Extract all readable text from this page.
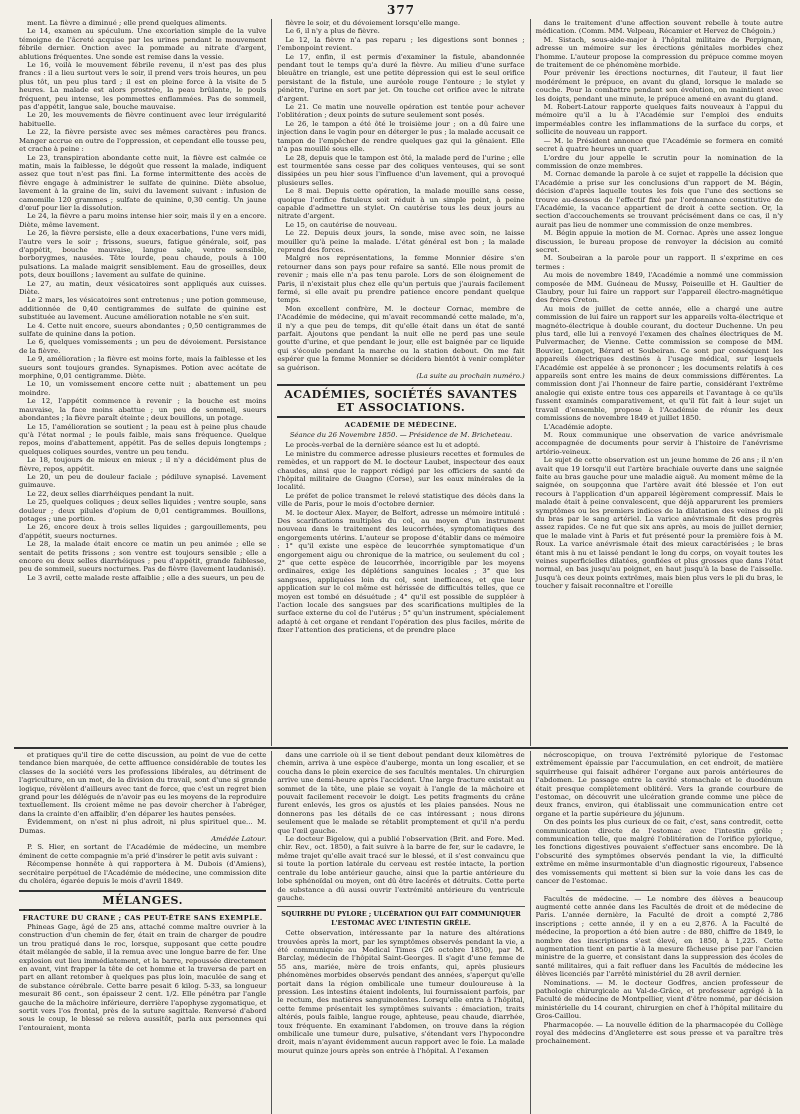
377

ment. La fièvre a diminué ; elle prend quelques aliments.

Le 14, examen au spéculum. Une excoriation simple de la vulve témoigne de l'âcreté acquise par les urines pendant le mouvement fébrile dernier. Onction avec la pommade au nitrate d'argent, ablutions fréquentes. Une sonde est remise dans la vessie.

Le 16, voilà le mouvement fébrile revenu, il n'est pas des plus francs : il a lieu surtout vers le soir, il prend vers trois heures, un peu plus tôt, un peu plus tard ; il est en pleine force à la visite de 5 heures. La malade est alors prostrée, la peau brûlante, le pouls fréquent, peu intense, les pommettes enflammées. Pas de sommeil, pas d'appétit, langue sale, bouche mauvaise.

Le 20, les mouvements de fièvre continuent avec leur irrégularité habituelle.

Le 22, la fièvre persiste avec ses mêmes caractères peu francs. Manger accrue en outre de l'oppression, et cependant elle tousse peu, et crache à peine :

Le 23, transpiration abondante cette nuit, la fièvre est calmée ce matin, mais la faiblesse, le dégoût que ressent la malade, indiquent assez que tout n'est pas fini. La forme intermittente des accès de fièvre engage à administrer le sulfate de quinine. Diète absolue, lavement à la graine de lin, suivi du lavement suivant : infusion de camomille 120 grammes ; sulfate de quinine, 0,30 centig. Un jaune d'œuf pour lier la dissolution.

Le 24, la fièvre a paru moins intense hier soir, mais il y en a encore. Diète, même lavement.

Le 26, la fièvre persiste, elle a deux exacerbations, l'une vers midi, l'autre vers le soir ; frissons, sueurs, fatigue générale, soif, pas d'appétit, bouche mauvaise, langue sale, ventre sensible, borborygmes, nausées. Tête lourde, peau chaude, pouls à 100 pulsations. La malade maigrit sensiblement. Eau de groseilles, deux pots, deux bouillons ; lavement au sulfate de quinine.

Le 27, au matin, deux vésicatoires sont appliqués aux cuisses. Diète.

Le 2 mars, les vésicatoires sont entretenus ; une potion gommeuse, additionnée de 0,40 centigrammes de sulfate de quinine est substituée au lavement. Aucune amélioration notable ne s'en suit.

Le 4. Cette nuit encore, sueurs abondantes ; 0,50 centigrammes de sulfate de quinine dans la potion.

Le 6, quelques vomissements ; un peu de dévoiement. Persistance de la fièvre.

Le 9, amélioration ; la fièvre est moins forte, mais la faiblesse et les sueurs sont toujours grandes. Synapismes. Potion avec acétate de morphine, 0,01 centigramme. Diète.

Le 10, un vomissement encore cette nuit ; abattement un peu moindre.

Le 12, l'appétit commence à revenir ; la bouche est moins mauvaise, la face moins abattue ; un peu de sommeil, sueurs abondantes ; la fièvre paraît éteinte ; deux bouillons, un potage.

Le 15, l'amélioration se soutient ; la peau est à peine plus chaude qu'à l'état normal ; le pouls faible, mais sans fréquence. Quelque repos, moins d'abattement, appétit. Pas de selles depuis longtemps ; quelques coliques sourdes, ventre un peu tendu.

Le 18, toujours de mieux en mieux ; il n'y a décidément plus de fièvre, repos, appétit.

Le 20, un peu de douleur faciale ; pédiluve synapisé. Lavement guimauve.

Le 22, deux selles diarrhéiques pendant la nuit.

Le 25, quelques coliques ; deux selles liquides ; ventre souple, sans douleur ; deux pilules d'opium de 0,01 centigrammes. Bouillons, potages ; une portion.

Le 26, encore deux à trois selles liquides ; gargouillements, peu d'appétit, sueurs nocturnes.

Le 28, la malade était encore ce matin un peu animée ; elle se sentait de petits frissons ; son ventre est toujours sensible ; elle a encore eu deux selles diarrhéiques ; peu d'appétit, grande faiblesse, peu de sommeil, sueurs nocturnes. Pas de fièvre (lavement laudanisé).

Le 3 avril, cette malade reste affaiblie ; elle a des sueurs, un peu de

fièvre le soir, et du dévoiement lorsqu'elle mange.

Le 6, il n'y a plus de fièvre.

Le 12, la fièvre n'a pas reparu ; les digestions sont bonnes ; l'embonpoint revient.

Le 17, enfin, il est permis d'examiner la fistule, abandonnée pendant tout le temps qu'a duré la fièvre. Au milieu d'une surface bleuâtre en triangle, est une petite dépression qui est le seul orifice persistant de la fistule, une auréole rouge l'entoure ; le stylet y pénètre, l'urine en sort par jet. On touche cet orifice avec le nitrate d'argent.

Le 21. Ce matin une nouvelle opération est tentée pour achever l'oblitération ; deux points de suture seulement sont posés.

Le 26, le tampon a été ôté le troisième jour ; on a dû faire une injection dans le vagin pour en déterger le pus ; la malade accusait ce tampon de l'empêcher de rendre quelques gaz qui la gênaient. Elle n'a pas mouillé sous elle.

Le 28, depuis que le tampon est ôté, la malade perd de l'urine ; elle est tourmentée sans cesse par des coliques venteuses, qui se sont dissipées un peu hier sous l'influence d'un lavement, qui a provoqué plusieurs selles.

Le 8 mai. Depuis cette opération, la malade mouille sans cesse, quoique l'orifice fistuleux soit réduit à un simple point, à peine capable d'admettre un stylet. On cautérise tous les deux jours au nitrate d'argent.

Le 15, on cautérise de nouveau.

Le 22. Depuis deux jours, la sonde, mise avec soin, ne laisse mouiller qu'à peine la malade. L'état général est bon ; la malade reprend des forces.

Malgré nos représentations, la femme Monnier désire s'en retourner dans son pays pour refaire sa santé. Elle nous promit de revenir ; mais elle n'a pas tenu parole. Lors de son éloignement de Paris, il n'existait plus chez elle qu'un pertuis que j'aurais facilement fermé, si elle avait pu prendre patience encore pendant quelque temps.

Mon excellent confrère, M. le docteur Cornac, membre de l'Académie de médecine, qui m'avait recommandé cette malade, m'a, il n'y a que peu de temps, dit qu'elle était dans un état de santé parfait. Ajoutons que pendant la nuit elle ne perd pas une seule goutte d'urine, et que pendant le jour, elle est baignée par ce liquide qui s'écoule pendant la marche ou la station debout. On me fait espérer que la femme Monnier se décidera bientôt à venir compléter sa guérison.

(La suite au prochain numéro.)
ACADÉMIES, SOCIÉTÉS SAVANTES ET ASSOCIATIONS.
ACADÉMIE DE MÉDECINE.
Séance du 26 Novembre 1850. — Présidence de M. Bricheteau.

Le procès-verbal de la dernière séance est lu et adopté.

Le ministre du commerce adresse plusieurs recettes et formules de remèdes, et un rapport de M. le docteur Laubet, inspecteur des eaux chaudes, ainsi que le rapport rédigé par les officiers de santé de l'hôpital militaire de Guagno (Corse), sur les eaux minérales de la localité.

Le préfet de police transmet le relevé statistique des décès dans la ville de Paris, pour le mois d'octobre dernier.

M. le docteur Alex. Mayer, de Belfort, adresse un mémoire intitulé : Des scarifications multiples du col, au moyen d'un instrument nouveau dans le traitement des leucorrhées, symptomatiques des engorgements utérins. L'auteur se propose d'établir dans ce mémoire : 1° qu'il existe une espèce de leucorrhée symptomatique d'un engorgement aigu ou chronique de la matrice, ou seulement du col ; 2° que cette espèce de leucorrhée, incorrigible par les moyens ordinaires, exige les déplétions sanguines locales ; 3° que les sangsues, appliquées loin du col, sont inefficaces, et que leur application sur le col même est hérissée de difficultés telles, que ce moyen est tombé en désuétude ; 4° qu'il est possible de suppléer à l'action locale des sangsues par des scarifications multiples de la surface externe du col de l'utérus ; 5° qu'un instrument, spécialement adapté à cet organe et rendant l'opération des plus faciles, mérite de fixer l'attention des praticiens, et de prendre place

dans le traitement d'une affection souvent rebelle à toute autre médication. (Comm. MM. Velpeau, Récamier et Hervez de Chégoin.)

M. Sistach, sous-aide-major à l'hôpital militaire de Perpignan, adresse un mémoire sur les érections génitales morbides chez l'homme. L'auteur propose la compression du prépuce comme moyen de traitement de ce phénomène morbide.

Pour prévenir les érections nocturnes, dit l'auteur, il faut lier modérément le prépuce, en avant du gland, lorsque le malade se couche. Pour la combattre pendant son évolution, on maintient avec les doigts, pendant une minute, le prépuce amené en avant du gland.

M. Robert-Latour rapporte quelques faits nouveaux à l'appui du mémoire qu'il a lu à l'Académie sur l'emploi des enduits imperméables contre les inflammations de la surface du corps, et sollicite de nouveau un rapport.

— M. le Président annonce que l'Académie se formera en comité secret à quatre heures un quart.

L'ordre du jour appelle le scrutin pour la nomination de la commission de onze membres.

M. Cornac demande la parole à ce sujet et rappelle la décision que l'Académie a prise sur les conclusions d'un rapport de M. Bégin, décision d'après laquelle toutes les fois que l'une des sections se trouve au-dessous de l'effectif fixé par l'ordonnance constitutive de l'Académie, la vacance appartient de droit à cette section. Or, la section d'accouchements se trouvant précisément dans ce cas, il n'y aurait pas lieu de nommer une commission de onze membres.

M. Bégin appuie la motion de M. Cornac. Après une assez longue discussion, le bureau propose de renvoyer la décision au comité secret.

M. Soubeiran a la parole pour un rapport. Il s'exprime en ces termes :

Au mois de novembre 1849, l'Académie a nommé une commission composée de MM. Guéneau de Mussy, Poiseuille et H. Gaultier de Claubry, pour lui faire un rapport sur l'appareil électro-magnétique des frères Creton.

Au mois de juillet de cette année, elle a chargé une autre commission de lui faire un rapport sur les appareils volta-électrique et magnéto-électrique à double courant, du docteur Duchenne. Un peu plus tard, elle lui a renvoyé l'examen des chaînes électriques de M. Pulvermacher, de Vienne. Cette commission se compose de MM. Bouvier, Longet, Bérard et Soubeiran. Ce sont par conséquent les appareils électriques destinés à l'usage médical, sur lesquels l'Académie est appelée à se prononcer ; les documents relatifs à ces appareils sont entre les mains de deux commissions différentes. La commission dont j'ai l'honneur de faire partie, considérant l'extrême analogie qui existe entre tous ces appareils et l'avantage à ce qu'ils fussent examinés comparativement, et qu'il fût fait à leur sujet un travail d'ensemble, propose à l'Académie de réunir les deux commissions de novembre 1849 et juillet 1850.

L'Académie adopte.

M. Roux communique une observation de varice anévrismale accompagnée de documents pour servir à l'histoire de l'anévrisme artério-veineux.

Le sujet de cette observation est un jeune homme de 26 ans ; il n'en avait que 19 lorsqu'il eut l'artère brachiale ouverte dans une saignée faite au bras gauche pour une maladie aiguë. Au moment même de la saignée, on soupçonna que l'artère avait été blessée et l'on eut recours à l'application d'un appareil légèrement compressif. Mais le malade était à peine convalescent, que déjà apparurent les premiers symptômes ou les premiers indices de la dilatation des veines du pli du bras par le sang artériel. La varice anévrismale fit des progrès assez rapides. Ce ne fut que six ans après, au mois de juillet dernier, que le malade vint à Paris et fut présenté pour la première fois à M. Roux. La varice anévrismale était des mieux caractérisées ; le bras étant mis à nu et laissé pendant le long du corps, on voyait toutes les veines superficielles dilatées, gonflées et plus grosses que dans l'état normal, en bas jusqu'au poignet, en haut jusqu'à la base de l'aisselle. Jusqu'à ces deux points extrêmes, mais bien plus vers le pli du bras, le toucher y faisait reconnaître et l'oreille

et pratiques qu'il tire de cette discussion, au point de vue de cette tendance bien marquée, de cette affluence considérable de toutes les classes de la société vers les professions libérales, au détriment de l'agriculture, en un mot, de la division du travail, sont d'une si grande logique, révèlent d'ailleurs avec tant de force, que c'est un regret bien grand pour les délégués de n'avoir pas eu les moyens de la reproduire textuellement. Ils croient même ne pas devoir chercher à l'abréger, dans la crainte d'en affaiblir, d'en déparer les hautes pensées.

Évidemment, on n'est ni plus adroit, ni plus spirituel que... M. Dumas.

Amédée Latour.

P. S. Hier, en sortant de l'Académie de médecine, un membre éminent de cette compagnie m'a prié d'insérer le petit avis suivant :

Récompense honnête à qui rapportera à M. Dubois (d'Amiens), secrétaire perpétuel de l'Académie de médecine, une commission dite du choléra, égarée depuis le mois d'avril 1849.

MÉLANGES.
FRACTURE DU CRANE ; CAS PEUT-ÊTRE SANS EXEMPLE.

Phineas Gage, âgé de 25 ans, attaché comme maître ouvrier à la construction d'un chemin de fer, était en train de charger de poudre un trou pratiqué dans le roc, lorsque, supposant que cette poudre était mélangée de sable, il la remua avec une longue barre de fer. Une explosion eut lieu immédiatement, et la barre, repoussée directement en avant, vint frapper la tête de cet homme et la traversa de part en part en allant retomber à quelques pas plus loin, maculée de sang et de substance cérébrale. Cette barre pesait 6 kilog. 5-33, sa longueur mesurait 86 cent., son épaisseur 2 cent. 1/2. Elle pénétra par l'angle gauche de la mâchoire inférieure, derrière l'apophyse zygomatique, et sortit vers l'os frontal, près de la suture sagittale. Renversé d'abord sous le coup, le blessé se releva aussitôt, parla aux personnes qui l'entouraient, monta

dans une carriole où il se tient debout pendant deux kilomètres de chemin, arriva à une espèce d'auberge, monta un long escalier, et se coucha dans le plein exercice de ses facultés mentales. Un chirurgien arrive une demi-heure après l'accident. Une large fracture existait au sommet de la tête, une plaie se voyait à l'angle de la mâchoire et pouvait facilement recevoir le doigt. Les petits fragments du crâne furent enlevés, les gros os ajustés et les plaies pansées. Nous ne donnerons pas les détails de ce cas intéressant ; nous dirons seulement que le malade se rétablit promptement et qu'il n'a perdu que l'œil gauche.

Le docteur Bigelow, qui a publié l'observation (Brit. and Fore. Med. chir. Rev., oct. 1850), a fait suivre à la barre de fer, sur le cadavre, le même trajet qu'elle avait tracé sur le blessé, et il s'est convaincu que si toute la portion latérale du cerveau est restée intacte, la portion centrale du lobe antérieur gauche, ainsi que la partie antérieure du lobe sphénoïdal ou moyen, ont dû être lacérés et détruits. Cette perte de substance a dû aussi ouvrir l'extrémité antérieure du ventricule gauche.

SQUIRRHE DU PYLORE ; ULCÉRATION QUI FAIT COMMUNIQUER L'ESTOMAC AVEC L'INTESTIN GRÊLE.

Cette observation, intéressante par la nature des altérations trouvées après la mort, par les symptômes observés pendant la vie, a été communiquée au Medical Times (26 octobre 1850), par M. Barclay, médecin de l'hôpital Saint-Georges. Il s'agit d'une femme de 55 ans, mariée, mère de trois enfants, qui, après plusieurs phénomènes morbides observés pendant des années, s'aperçut qu'elle portait dans la région ombilicale une tumeur douloureuse à la pression. Les intestins étaient indolents, lui fournissaient parfois, par le rectum, des matières sanguinolentes. Lorsqu'elle entra à l'hôpital, cette femme présentait les symptômes suivants : émaciation, traits altérés, pouls faible, langue rouge, aphteuse, peau chaude, diarrhée, toux fréquente. En examinant l'abdomen, on trouve dans la région ombilicale une tumeur dure, pulsative, s'étendant vers l'hypocondre droit, mais n'ayant évidemment aucun rapport avec le foie. La malade mourut quinze jours après son entrée à l'hôpital. À l'examen

nécroscopique, on trouva l'extrémité pylorique de l'estomac extrêmement épaissie par l'accumulation, en cet endroit, de matière squirrheuse qui faisait adhérer l'organe aux parois antérieures de l'abdomen. Le passage entre la cavité stomachale et le duodénum était presque complètement oblitéré. Vers la grande courbure de l'estomac, on découvrit une ulcération grande comme une pièce de deux francs, environ, qui établissait une communication entre cet organe et la partie supérieure du jéjunum.

On des points les plus curieux de ce fait, c'est, sans contredit, cette communication directe de l'estomac avec l'intestin grêle ; communication telle, que malgré l'oblitération de l'orifice pylorique, les fonctions digestives pouvaient s'effectuer sans encombre. De là l'obscurité des symptômes observés pendant la vie, la difficulté extrême en même insurmontable d'un diagnostic rigoureux, l'absence des vomissements qui mettent si bien sur la voie dans les cas de cancer de l'estomac.

Facultés de médecine. — Le nombre des élèves a beaucoup augmenté cette année dans les Facultés de droit et de médecine de Paris. L'année dernière, la Faculté de droit a compté 2,786 inscriptions ; cette année, il y en a eu 2,876. À la Faculté de médecine, la proportion a été bien autre : de 880, chiffre de 1849, le nombre des inscriptions s'est élevé, en 1850, à 1,225. Cette augmentation tient en partie à la mesure fâcheuse prise par l'ancien ministre de la guerre, et consistant dans la suppression des écoles de santé militaires, qui a fait refluer dans les Facultés de médecine les élèves licenciés par l'arrêté ministériel du 28 avril dernier.

Nominations. — M. le docteur Godfres, ancien professeur de pathologie chirurgicale au Val-de-Grâce, et professeur agrégé à la Faculté de médecine de Montpellier, vient d'être nommé, par décision ministérielle du 14 courant, chirurgien en chef à l'hôpital militaire du Gros-Caillou.

Pharmacopée. — La nouvelle édition de la pharmacopée du Collège royal des médecins d'Angleterre est sous presse et va paraître très prochainement.
